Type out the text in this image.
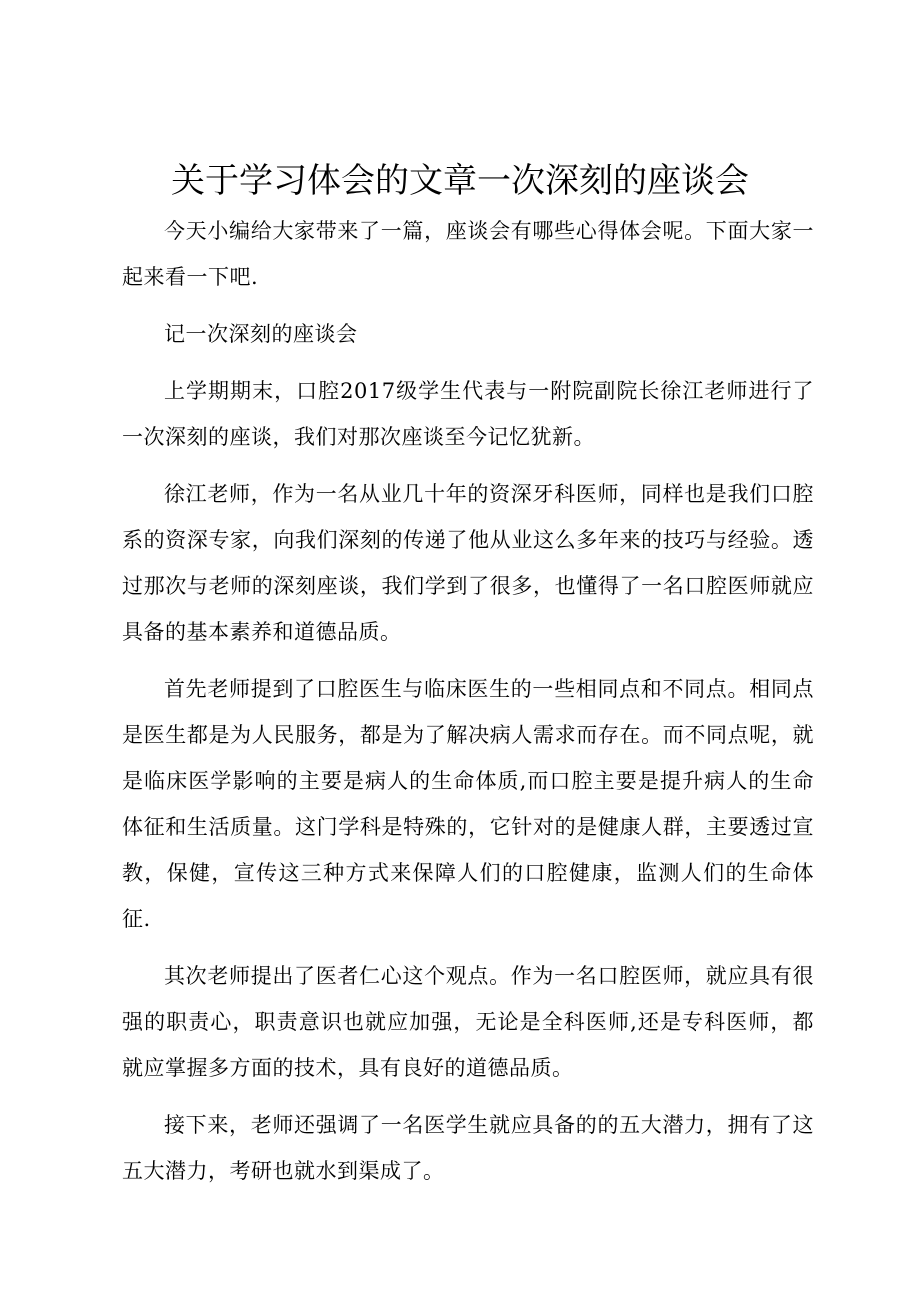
关于学习体会的文章一次深刻的座谈会

今天小编给大家带来了一篇，座谈会有哪些心得体会呢。下面大家一起来看一下吧.

记一次深刻的座谈会

上学期期末，口腔2017级学生代表与一附院副院长徐江老师进行了一次深刻的座谈，我们对那次座谈至今记忆犹新。

徐江老师，作为一名从业几十年的资深牙科医师，同样也是我们口腔系的资深专家，向我们深刻的传递了他从业这么多年来的技巧与经验。透过那次与老师的深刻座谈，我们学到了很多，也懂得了一名口腔医师就应具备的基本素养和道德品质。

首先老师提到了口腔医生与临床医生的一些相同点和不同点。相同点是医生都是为人民服务，都是为了解决病人需求而存在。而不同点呢，就是临床医学影响的主要是病人的生命体质,而口腔主要是提升病人的生命体征和生活质量。这门学科是特殊的，它针对的是健康人群，主要透过宣教，保健，宣传这三种方式来保障人们的口腔健康，监测人们的生命体征.

其次老师提出了医者仁心这个观点。作为一名口腔医师，就应具有很强的职责心，职责意识也就应加强，无论是全科医师,还是专科医师，都就应掌握多方面的技术，具有良好的道德品质。

接下来，老师还强调了一名医学生就应具备的的五大潜力，拥有了这五大潜力，考研也就水到渠成了。
